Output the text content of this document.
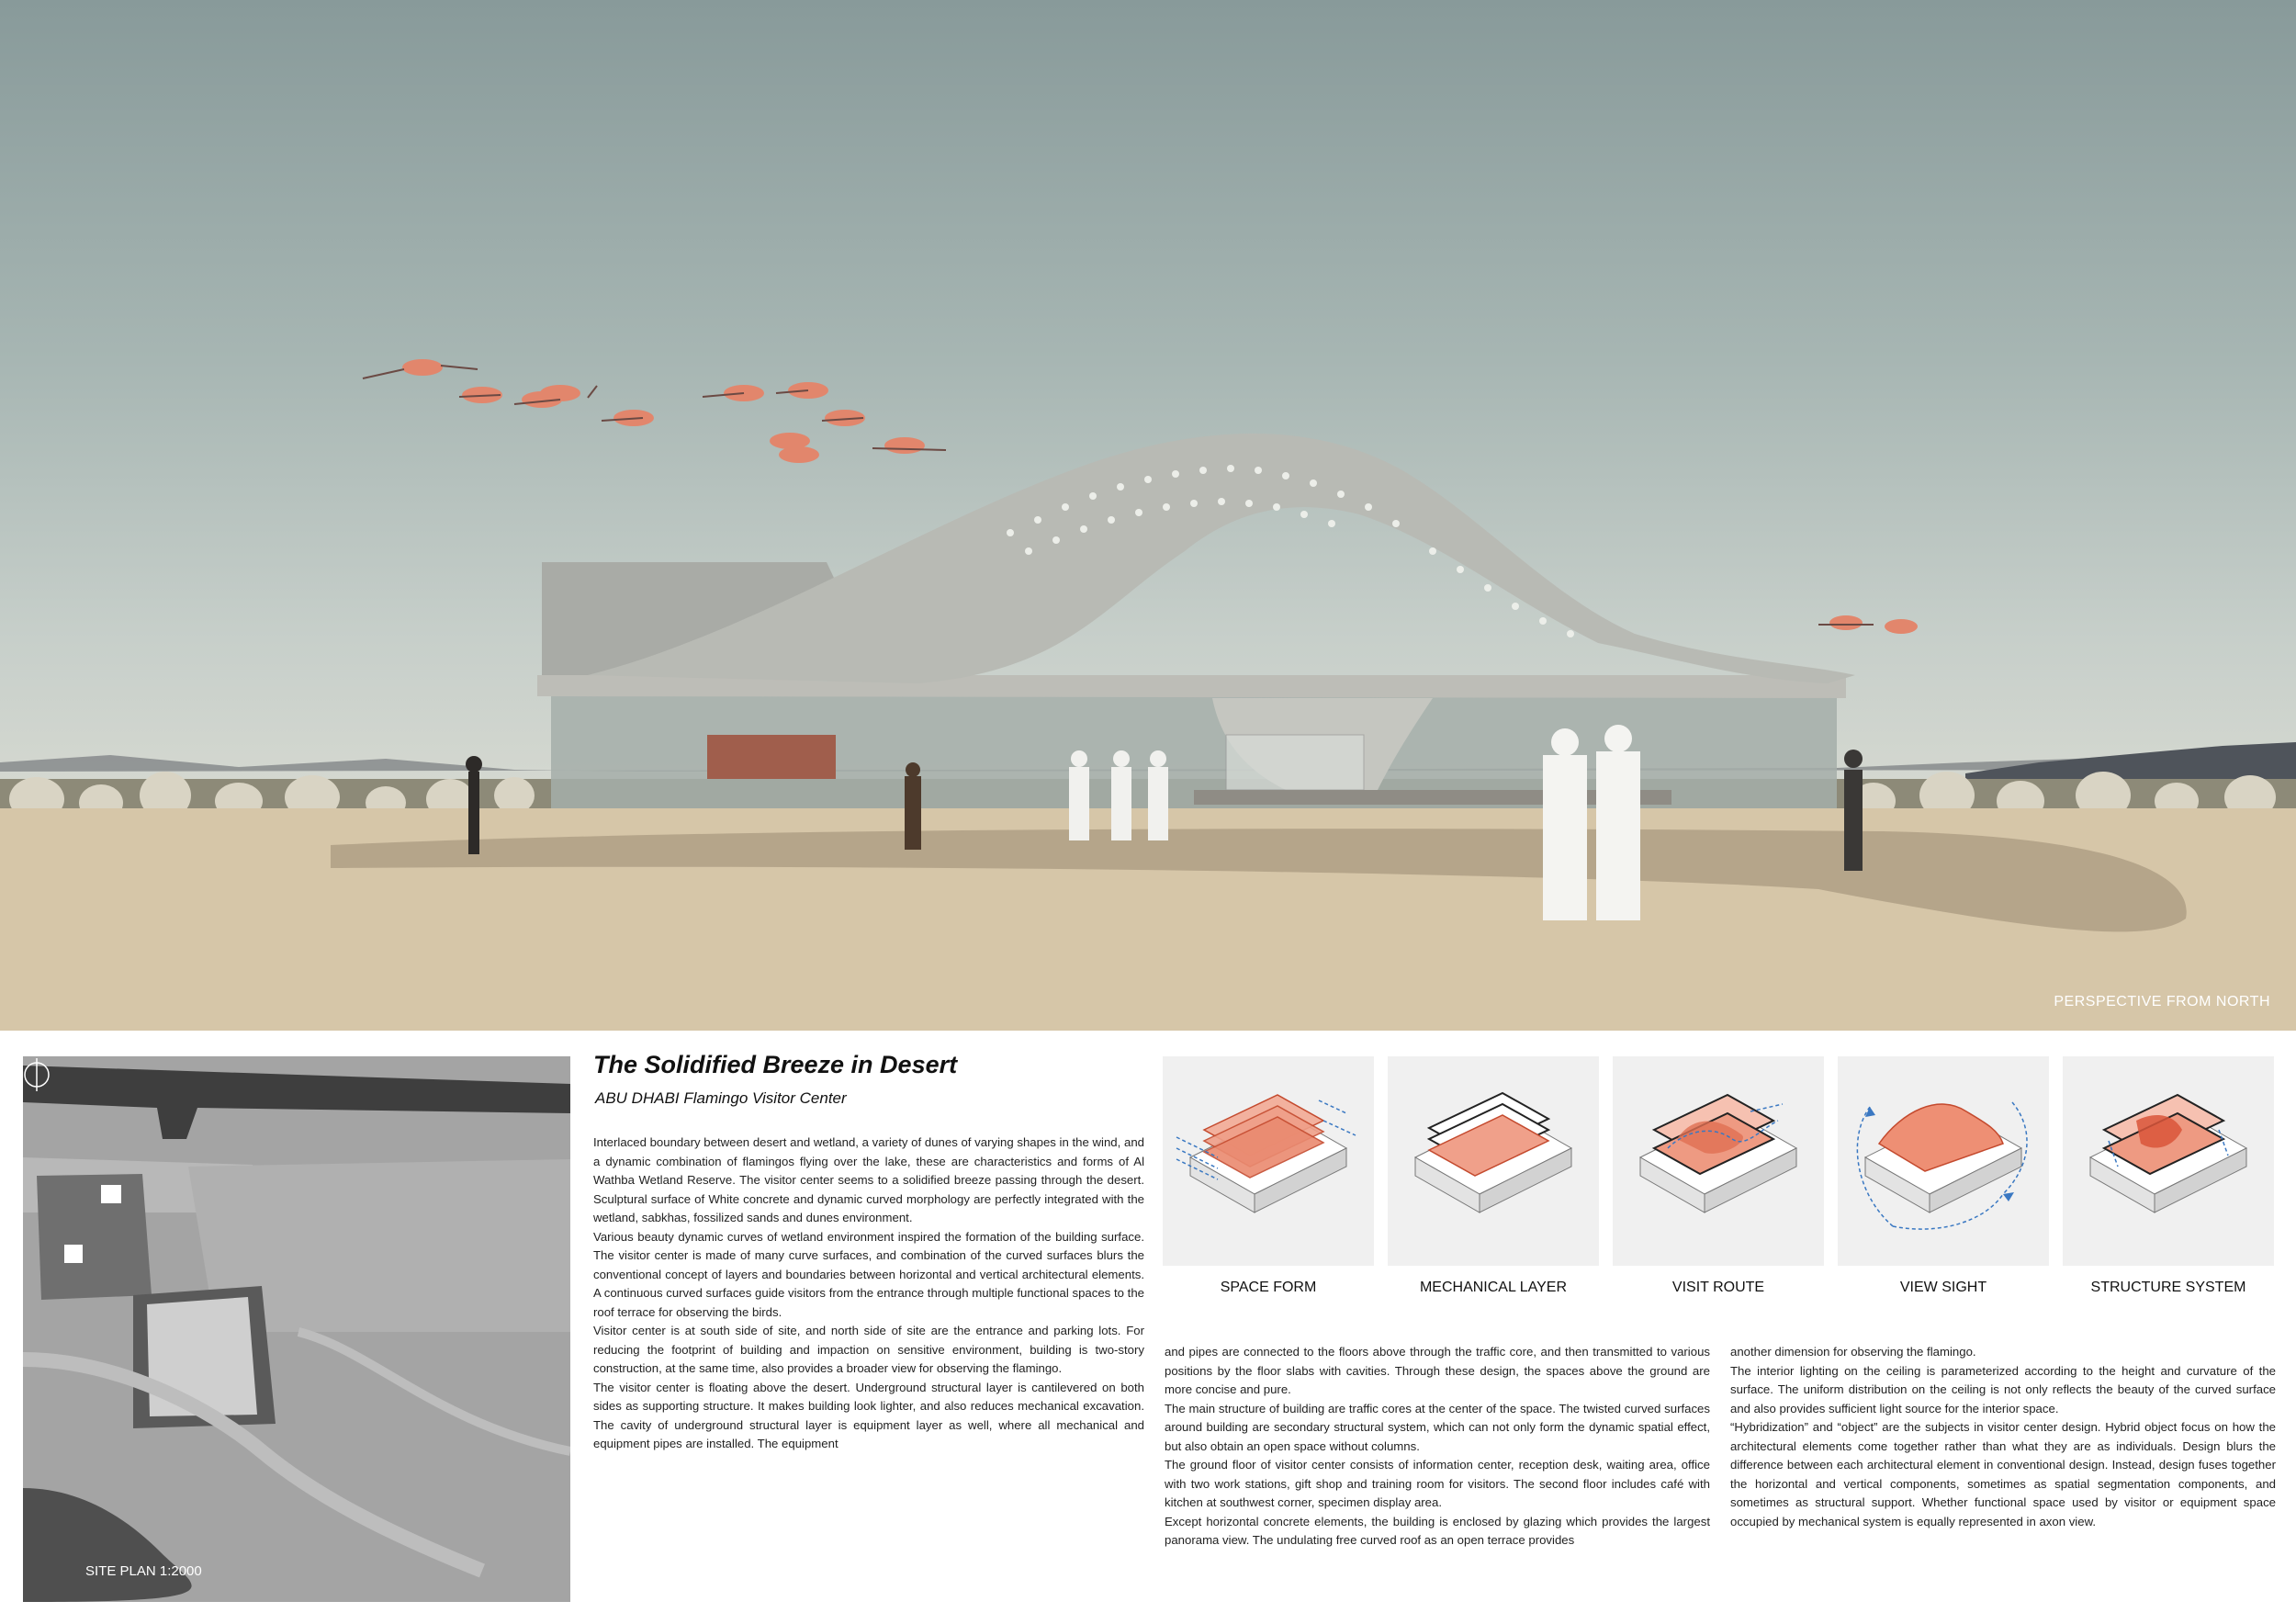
PERSPECTIVE FROM NORTH
SITE PLAN 1:2000
The Solidified Breeze in Desert
ABU DHABI Flamingo Visitor Center

Interlaced boundary between desert and wetland, a variety of dunes of varying shapes in the wind, and a dynamic combination of flamingos flying over the lake, these are characteristics and forms of Al Wathba Wetland Reserve. The visitor center seems to a solidified breeze passing through the desert. Sculptural surface of White concrete and dynamic curved morphology are perfectly integrated with the wetland, sabkhas, fossilized sands and dunes environment.

Various beauty dynamic curves of wetland environment inspired the formation of the building surface. The visitor center is made of many curve surfaces, and combination of the curved surfaces blurs the conventional concept of layers and boundaries between horizontal and vertical architectural elements. A continuous curved surfaces guide visitors from the entrance through multiple functional spaces to the roof terrace for observing the birds.

Visitor center is at south side of site, and north side of site are the entrance and parking lots. For reducing the footprint of building and impaction on sensitive environment, building is two-story construction, at the same time, also provides a broader view for observing the flamingo.

The visitor center is floating above the desert. Underground structural layer is cantilevered on both sides as supporting structure. It makes building look lighter, and also reduces mechanical excavation. The cavity of underground structural layer is equipment layer as well, where all mechanical and equipment pipes are installed. The equipment

and pipes are connected to the floors above through the traffic core, and then transmitted to various positions by the floor slabs with cavities. Through these design, the spaces above the ground are more concise and pure.

The main structure of building are traffic cores at the center of the space. The twisted curved surfaces around building are secondary structural system, which can not only form the dynamic spatial effect, but also obtain an open space without columns.

The ground floor of visitor center consists of information center, reception desk, waiting area, office with two work stations, gift shop and training room for visitors. The second floor includes café with kitchen at southwest corner, specimen display area.

Except horizontal concrete elements, the building is enclosed by glazing which provides the largest panorama view. The undulating free curved roof as an open terrace provides

another dimension for observing the flamingo.

The interior lighting on the ceiling is parameterized according to the height and curvature of the surface. The uniform distribution on the ceiling is not only reflects the beauty of the curved surface and also provides sufficient light source for the interior space.

“Hybridization” and “object” are the subjects in visitor center design. Hybrid object focus on how the architectural elements come together rather than what they are as individuals. Design blurs the difference between each architectural element in conventional design. Instead, design fuses together the horizontal and vertical components, sometimes as spatial segmentation components, and sometimes as structural support. Whether functional space used by visitor or equipment space occupied by mechanical system is equally represented in axon view.

SPACE FORM	MECHANICAL LAYER	VISIT ROUTE	VIEW SIGHT	STRUCTURE SYSTEM
